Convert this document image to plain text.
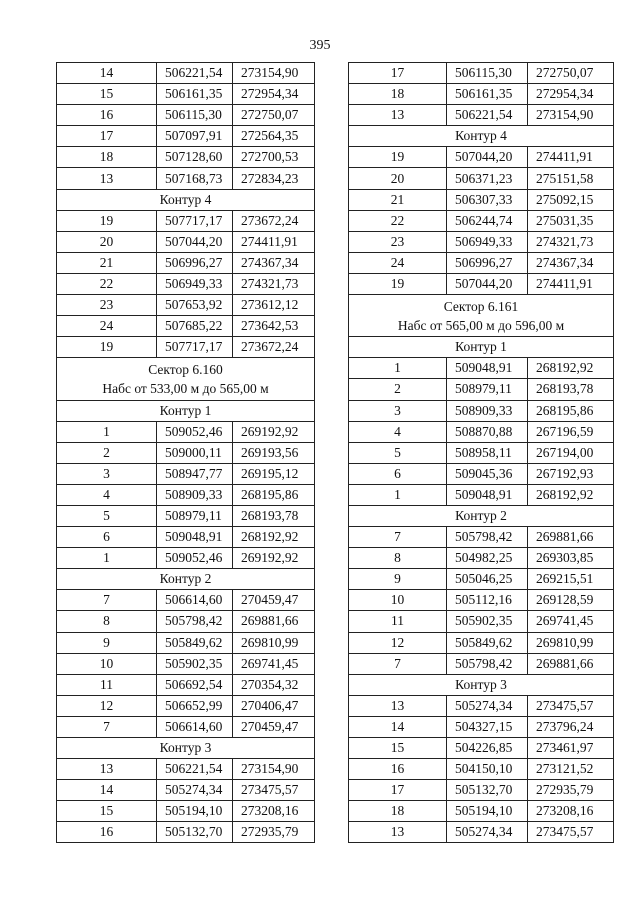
395
14	506221,54	273154,90
15	506161,35	272954,34
16	506115,30	272750,07
17	507097,91	272564,35
18	507128,60	272700,53
13	507168,73	272834,23
Контур 4		
19	507717,17	273672,24
20	507044,20	274411,91
21	506996,27	274367,34
22	506949,33	274321,73
23	507653,92	273612,12
24	507685,22	273642,53
19	507717,17	273672,24

Сектор 6.160
Набс от 533,00 м до 565,00 м		

Контур 1		
1	509052,46	269192,92
2	509000,11	269193,56
3	508947,77	269195,12
4	508909,33	268195,86
5	508979,11	268193,78
6	509048,91	268192,92
1	509052,46	269192,92
Контур 2		
7	506614,60	270459,47
8	505798,42	269881,66
9	505849,62	269810,99
10	505902,35	269741,45
11	506692,54	270354,32
12	506652,99	270406,47
7	506614,60	270459,47
Контур 3		
13	506221,54	273154,90
14	505274,34	273475,57
15	505194,10	273208,16
16	505132,70	272935,79
17	506115,30	272750,07
18	506161,35	272954,34
13	506221,54	273154,90
Контур 4		
19	507044,20	274411,91
20	506371,23	275151,58
21	506307,33	275092,15
22	506244,74	275031,35
23	506949,33	274321,73
24	506996,27	274367,34
19	507044,20	274411,91

Сектор 6.161
Набс от 565,00 м до 596,00 м		

Контур 1		
1	509048,91	268192,92
2	508979,11	268193,78
3	508909,33	268195,86
4	508870,88	267196,59
5	508958,11	267194,00
6	509045,36	267192,93
1	509048,91	268192,92
Контур 2		
7	505798,42	269881,66
8	504982,25	269303,85
9	505046,25	269215,51
10	505112,16	269128,59
11	505902,35	269741,45
12	505849,62	269810,99
7	505798,42	269881,66
Контур 3		
13	505274,34	273475,57
14	504327,15	273796,24
15	504226,85	273461,97
16	504150,10	273121,52
17	505132,70	272935,79
18	505194,10	273208,16
13	505274,34	273475,57
